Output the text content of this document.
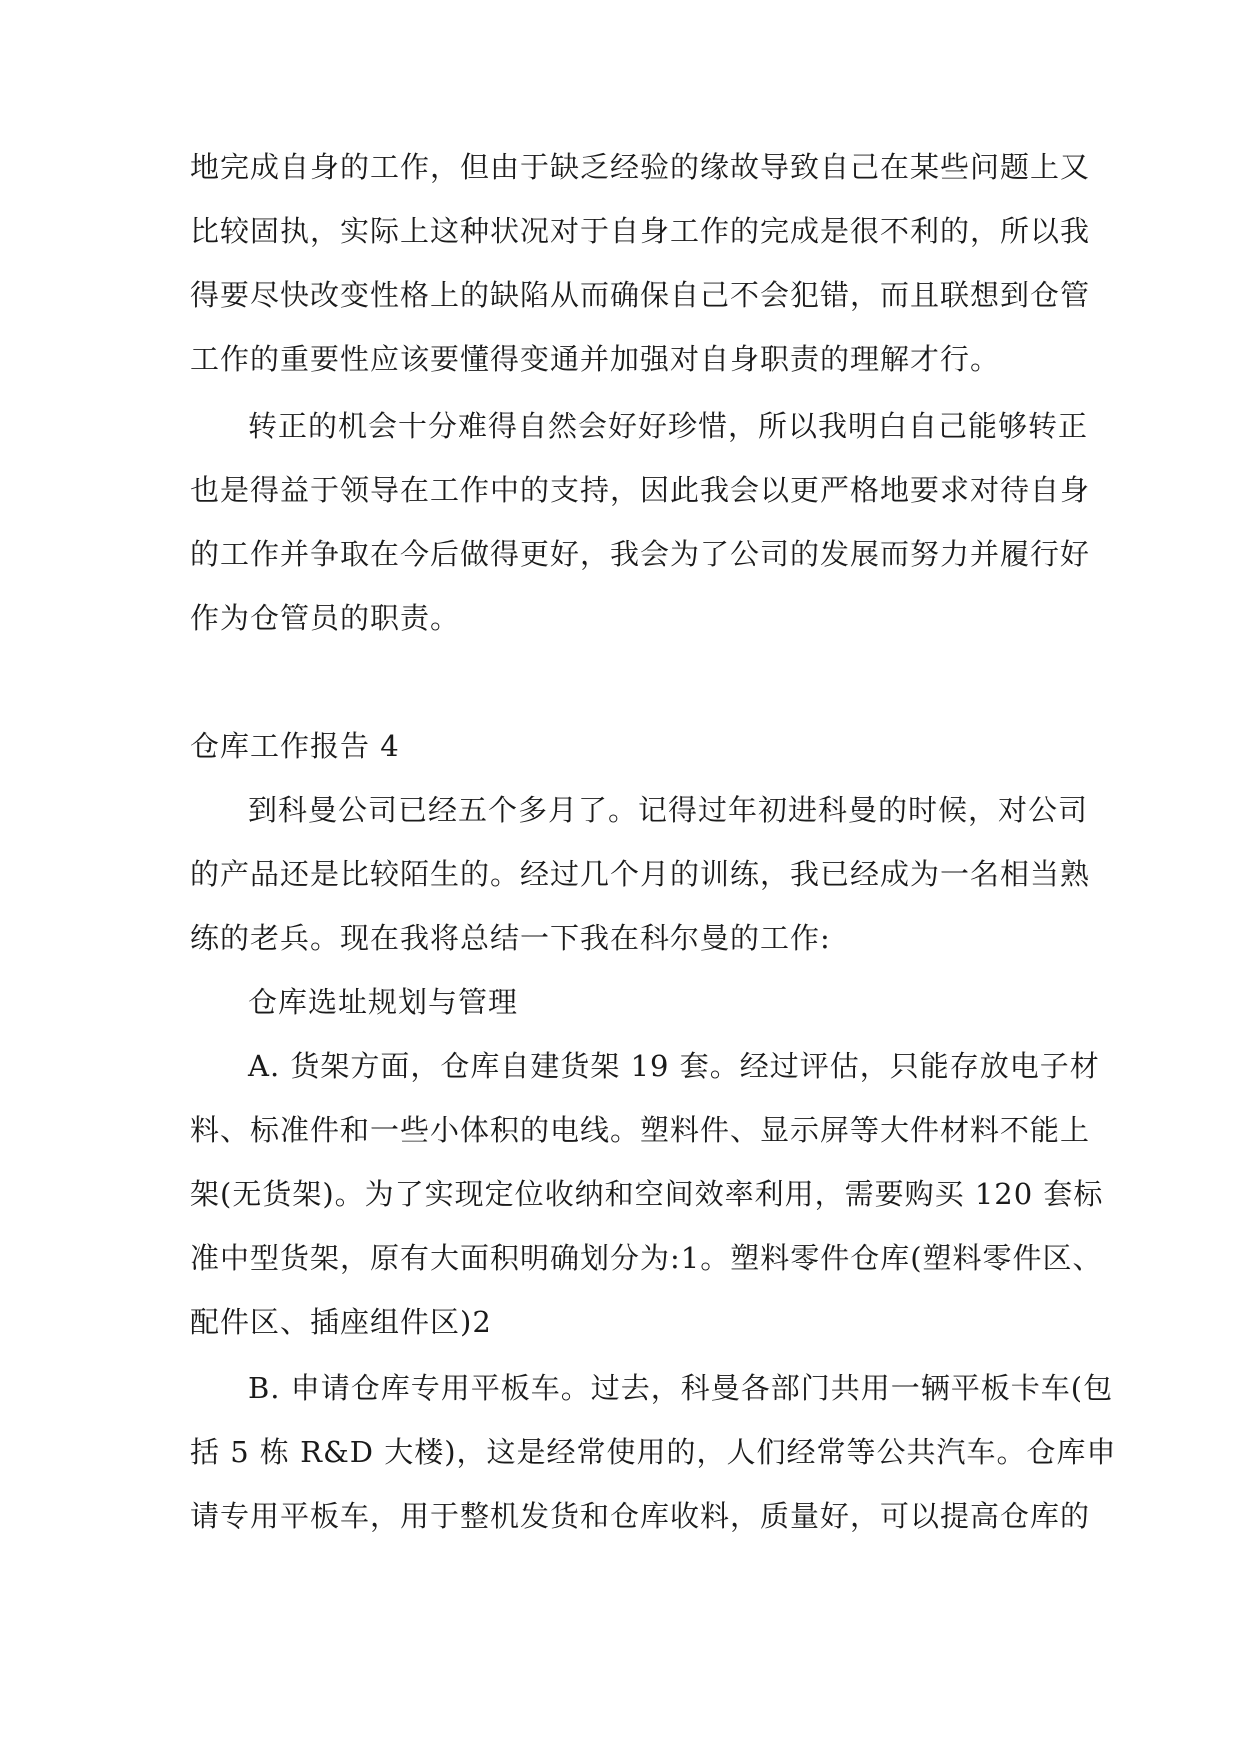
地完成自身的工作，但由于缺乏经验的缘故导致自己在某些问题上又
比较固执，实际上这种状况对于自身工作的完成是很不利的，所以我
得要尽快改变性格上的缺陷从而确保自己不会犯错，而且联想到仓管
工作的重要性应该要懂得变通并加强对自身职责的理解才行。
转正的机会十分难得自然会好好珍惜，所以我明白自己能够转正
也是得益于领导在工作中的支持，因此我会以更严格地要求对待自身
的工作并争取在今后做得更好，我会为了公司的发展而努力并履行好
作为仓管员的职责。
仓库工作报告 4
到科曼公司已经五个多月了。记得过年初进科曼的时候，对公司
的产品还是比较陌生的。经过几个月的训练，我已经成为一名相当熟
练的老兵。现在我将总结一下我在科尔曼的工作:
仓库选址规划与管理
A. 货架方面，仓库自建货架 19 套。经过评估，只能存放电子材
料、标准件和一些小体积的电线。塑料件、显示屏等大件材料不能上
架(无货架)。为了实现定位收纳和空间效率利用，需要购买 120 套标
准中型货架，原有大面积明确划分为:1。塑料零件仓库(塑料零件区、
配件区、插座组件区)2
B. 申请仓库专用平板车。过去，科曼各部门共用一辆平板卡车(包
括 5 栋 R&D 大楼)，这是经常使用的，人们经常等公共汽车。仓库申
请专用平板车，用于整机发货和仓库收料，质量好，可以提高仓库的
